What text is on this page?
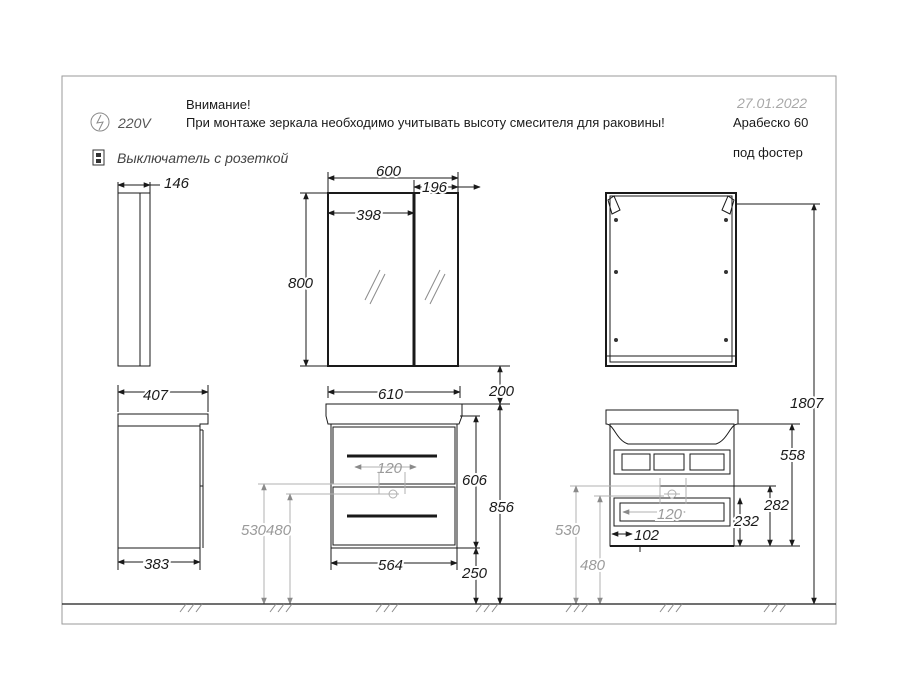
Внимание!
При монтаже зеркала необходимо учитывать высоту смесителя для раковины!
27.01.2022
Арабеско 60
под фостер
220V
Выключатель с розеткой
146
407
383
600
196
398
800
610
120
564
606
200
856
250
530480
120
102
1807
558
282
232
530
480
